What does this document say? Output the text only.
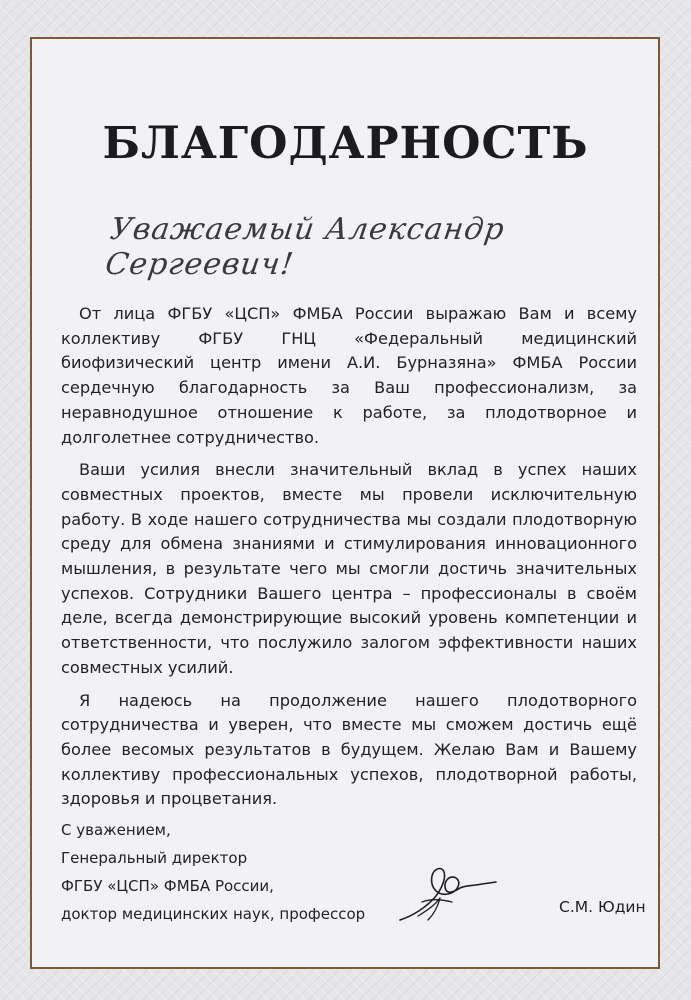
БЛАГОДАРНОСТЬ
Уважаемый Александр Сергеевич!

От лица ФГБУ «ЦСП» ФМБА России выражаю Вам и всему коллективу ФГБУ ГНЦ «Федеральный медицинский биофизический центр имени А.И. Бурназяна» ФМБА России сердечную благодарность за Ваш профессионализм, за неравнодушное отношение к работе, за плодотворное и долголетнее сотрудничество.

Ваши усилия внесли значительный вклад в успех наших совместных проектов, вместе мы провели исключительную работу. В ходе нашего сотрудничества мы создали плодотворную среду для обмена знаниями и стимулирования инновационного мышления, в результате чего мы смогли достичь значительных успехов. Сотрудники Вашего центра – профессионалы в своём деле, всегда демонстрирующие высокий уровень компетенции и ответственности, что послужило залогом эффективности наших совместных усилий.

Я надеюсь на продолжение нашего плодотворного сотрудничества и уверен, что вместе мы сможем достичь ещё более весомых результатов в будущем. Желаю Вам и Вашему коллективу профессиональных успехов, плодотворной работы, здоровья и процветания.

С уважением,
Генеральный директор
ФГБУ «ЦСП» ФМБА России,
доктор медицинских наук, профессор	С.М. Юдин
